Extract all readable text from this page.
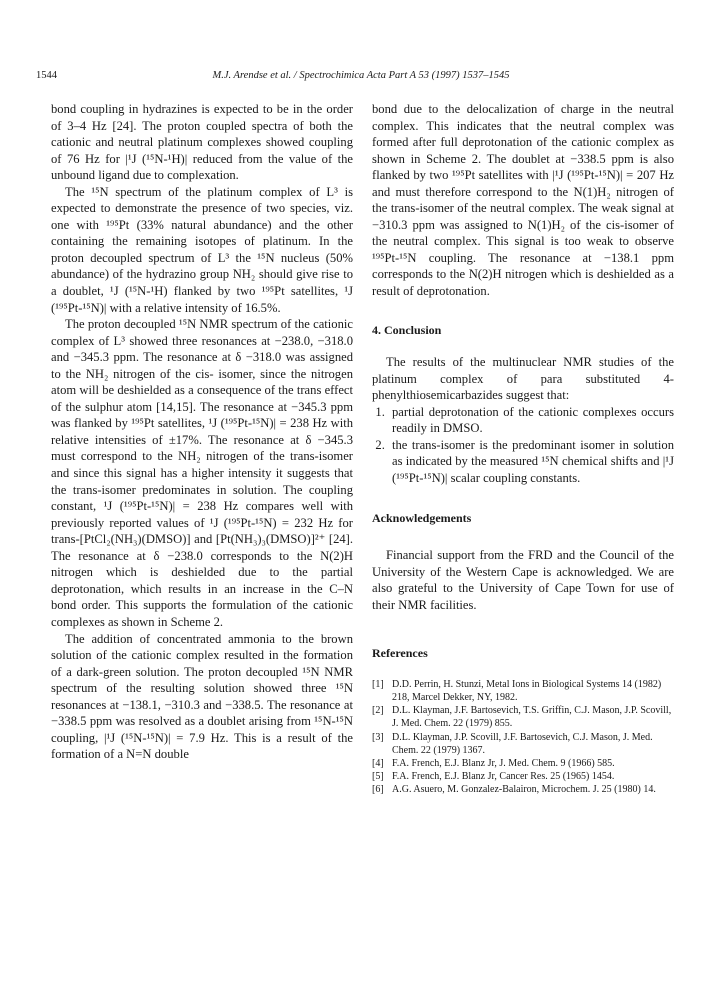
1544	M.J. Arendse et al. / Spectrochimica Acta Part A 53 (1997) 1537–1545

bond coupling in hydrazines is expected to be in the order of 3–4 Hz [24]. The proton coupled spectra of both the cationic and neutral platinum complexes showed coupling of 76 Hz for |¹J (¹⁵N-¹H)| reduced from the value of the unbound ligand due to complexation.

The ¹⁵N spectrum of the platinum complex of L³ is expected to demonstrate the presence of two species, viz. one with ¹⁹⁵Pt (33% natural abundance) and the other containing the remaining isotopes of platinum. In the proton decoupled spectrum of L³ the ¹⁵N nucleus (50% abundance) of the hydrazino group NH₂ should give rise to a doublet, ¹J (¹⁵N-¹H) flanked by two ¹⁹⁵Pt satellites, ¹J (¹⁹⁵Pt-¹⁵N)| with a relative intensity of 16.5%.

The proton decoupled ¹⁵N NMR spectrum of the cationic complex of L³ showed three resonances at −238.0, −318.0 and −345.3 ppm. The resonance at δ −318.0 was assigned to the NH₂ nitrogen of the cis- isomer, since the nitrogen atom will be deshielded as a consequence of the trans effect of the sulphur atom [14,15]. The resonance at −345.3 ppm was flanked by ¹⁹⁵Pt satellites, ¹J (¹⁹⁵Pt-¹⁵N)| = 238 Hz with relative intensities of ±17%. The resonance at δ −345.3 must correspond to the NH₂ nitrogen of the trans-isomer and since this signal has a higher intensity it suggests that the trans-isomer predominates in solution. The coupling constant, ¹J (¹⁹⁵Pt-¹⁵N)| = 238 Hz compares well with previously reported values of ¹J (¹⁹⁵Pt-¹⁵N) = 232 Hz for trans-[PtCl₂(NH₃)(DMSO)] and [Pt(NH₃)₃(DMSO)]²⁺ [24]. The resonance at δ −238.0 corresponds to the N(2)H nitrogen which is deshielded due to the partial deprotonation, which results in an increase in the C–N bond order. This supports the formulation of the cationic complexes as shown in Scheme 2.

The addition of concentrated ammonia to the brown solution of the cationic complex resulted in the formation of a dark-green solution. The proton decoupled ¹⁵N NMR spectrum of the resulting solution showed three ¹⁵N resonances at −138.1, −310.3 and −338.5. The resonance at −338.5 ppm was resolved as a doublet arising from ¹⁵N-¹⁵N coupling, |¹J (¹⁵N-¹⁵N)| = 7.9 Hz. This is a result of the formation of a N=N double

bond due to the delocalization of charge in the neutral complex. This indicates that the neutral complex was formed after full deprotonation of the cationic complex as shown in Scheme 2. The doublet at −338.5 ppm is also flanked by two ¹⁹⁵Pt satellites with |¹J (¹⁹⁵Pt-¹⁵N)| = 207 Hz and must therefore correspond to the N(1)H₂ nitrogen of the trans-isomer of the neutral complex. The weak signal at −310.3 ppm was assigned to N(1)H₂ of the cis-isomer of the neutral complex. This signal is too weak to observe ¹⁹⁵Pt-¹⁵N coupling. The resonance at −138.1 ppm corresponds to the N(2)H nitrogen which is deshielded as a result of deprotonation.

4. Conclusion

The results of the multinuclear NMR studies of the platinum complex of para substituted 4-phenylthiosemicarbazides suggest that:

1. partial deprotonation of the cationic complexes occurs readily in DMSO.
2. the trans-isomer is the predominant isomer in solution as indicated by the measured ¹⁵N chemical shifts and |¹J (¹⁹⁵Pt-¹⁵N)| scalar coupling constants.
Acknowledgements

Financial support from the FRD and the Council of the University of the Western Cape is acknowledged. We are also grateful to the University of Cape Town for use of their NMR facilities.

References
[1] D.D. Perrin, H. Stunzi, Metal Ions in Biological Systems 14 (1982) 218, Marcel Dekker, NY, 1982.
[2] D.L. Klayman, J.F. Bartosevich, T.S. Griffin, C.J. Mason, J.P. Scovill, J. Med. Chem. 22 (1979) 855.
[3] D.L. Klayman, J.P. Scovill, J.F. Bartosevich, C.J. Mason, J. Med. Chem. 22 (1979) 1367.
[4] F.A. French, E.J. Blanz Jr, J. Med. Chem. 9 (1966) 585.
[5] F.A. French, E.J. Blanz Jr, Cancer Res. 25 (1965) 1454.
[6] A.G. Asuero, M. Gonzalez-Balairon, Microchem. J. 25 (1980) 14.
